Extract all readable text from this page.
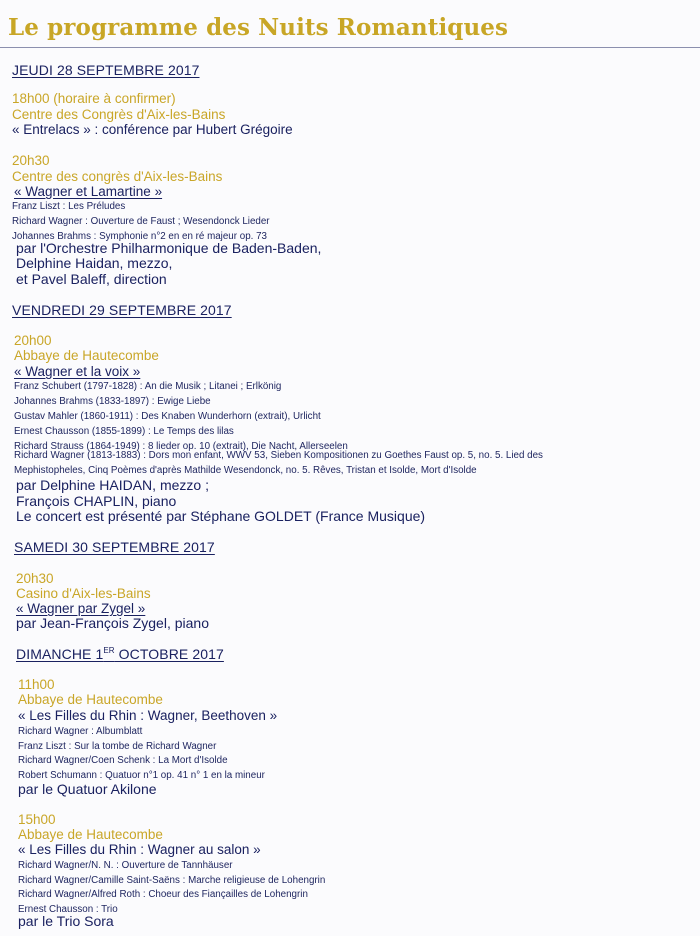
Le programme des Nuits Romantiques
JEUDI 28 SEPTEMBRE 2017
18h00 (horaire à confirmer)
Centre des Congrès d'Aix-les-Bains
« Entrelacs » : conférence par Hubert Grégoire
20h30
Centre des congrès d'Aix-les-Bains
« Wagner et Lamartine »
Franz Liszt : Les Préludes
Richard Wagner : Ouverture de Faust ; Wesendonck Lieder
Johannes Brahms : Symphonie n°2 en en ré majeur op. 73
par l'Orchestre Philharmonique de Baden-Baden,
Delphine Haidan, mezzo,
et Pavel Baleff, direction
VENDREDI 29 SEPTEMBRE 2017
20h00
Abbaye de Hautecombe
« Wagner et la voix »
Franz Schubert (1797-1828) : An die Musik ; Litanei ; Erlkönig
Johannes Brahms (1833-1897) : Ewige Liebe
Gustav Mahler (1860-1911) : Des Knaben Wunderhorn (extrait), Urlicht
Ernest Chausson (1855-1899) : Le Temps des lilas
Richard Strauss (1864-1949) : 8 lieder op. 10 (extrait), Die Nacht, Allerseelen
Richard Wagner (1813-1883) : Dors mon enfant, WWV 53, Sieben Kompositionen zu Goethes Faust op. 5, no. 5. Lied des
Mephistopheles, Cinq Poèmes d'après Mathilde Wesendonck, no. 5. Rêves, Tristan et Isolde, Mort d'Isolde
par Delphine HAIDAN, mezzo ;
François CHAPLIN, piano
Le concert est présenté par Stéphane GOLDET (France Musique)
SAMEDI 30 SEPTEMBRE 2017
20h30
Casino d'Aix-les-Bains
« Wagner par Zygel »
par Jean-François Zygel, piano
DIMANCHE 1ER OCTOBRE 2017
11h00
Abbaye de Hautecombe
« Les Filles du Rhin : Wagner, Beethoven »
Richard Wagner : Albumblatt
Franz Liszt : Sur la tombe de Richard Wagner
Richard Wagner/Coen Schenk : La Mort d'Isolde
Robert Schumann : Quatuor n°1 op. 41 n° 1 en la mineur
par le Quatuor Akilone
15h00
Abbaye de Hautecombe
« Les Filles du Rhin : Wagner au salon »
Richard Wagner/N. N. : Ouverture de Tannhäuser
Richard Wagner/Camille Saint-Saëns : Marche religieuse de Lohengrin
Richard Wagner/Alfred Roth : Choeur des Fiançailles de Lohengrin
Ernest Chausson : Trio
par le Trio Sora
